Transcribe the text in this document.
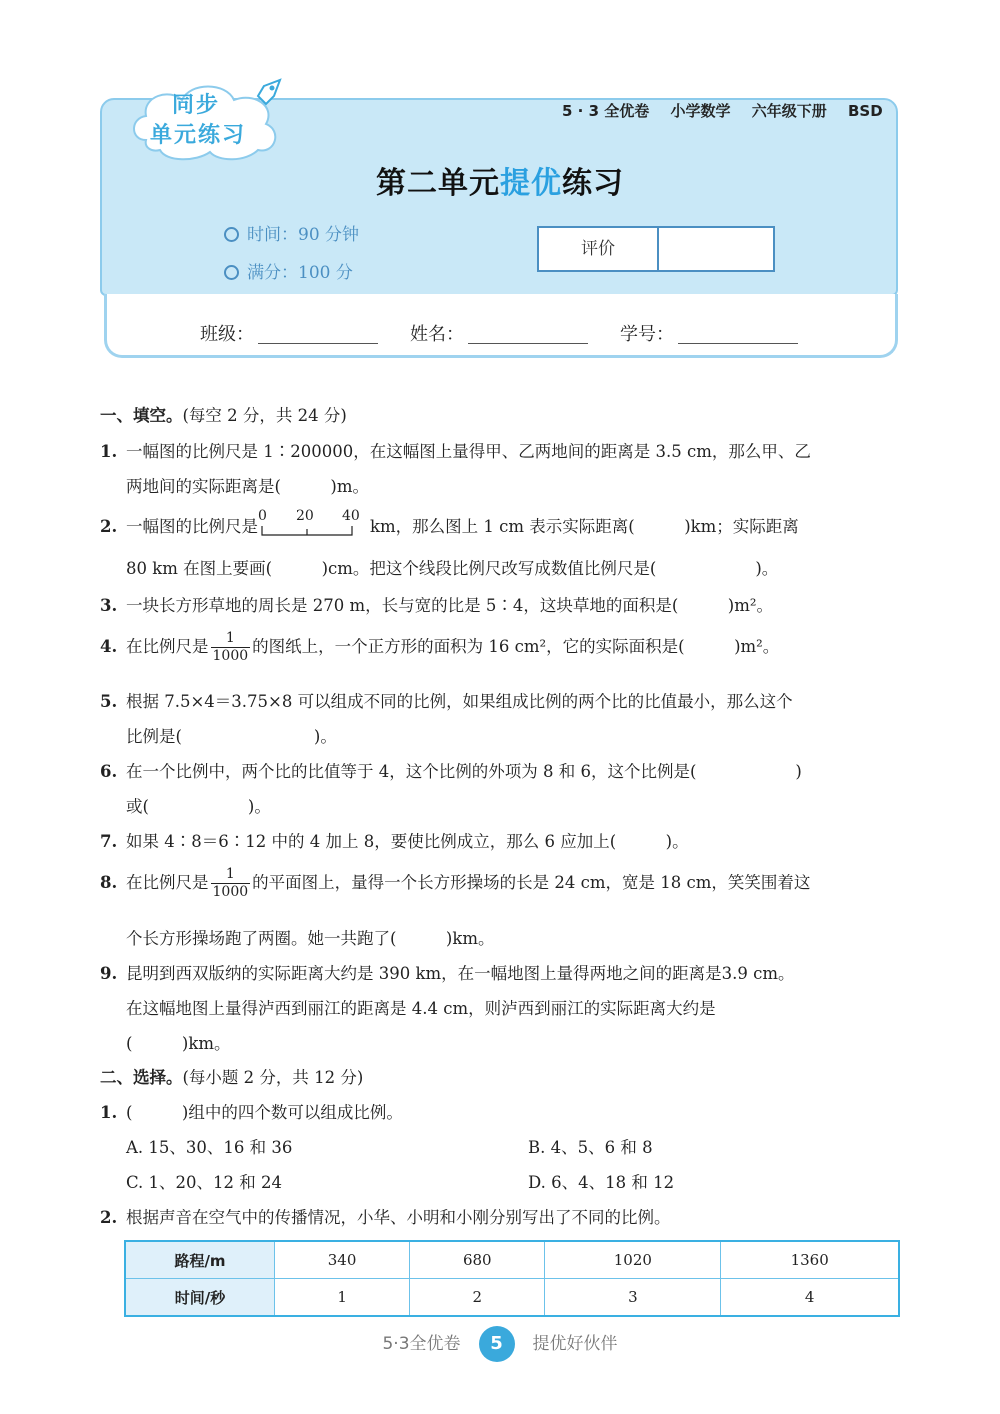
同步
单元练习
5 · 3 全优卷 小学数学 六年级下册 BSD
第二单元提优练习
时间：90 分钟
满分：100 分
评价
班级：	姓名：	学号：
一、填空。(每空 2 分，共 24 分)
1. 一幅图的比例尺是 1∶200000，在这幅图上量得甲、乙两地间的距离是 3.5 cm，那么甲、乙
两地间的实际距离是(　　　)m。
2. 一幅图的比例尺是
0 20 40
km，那么图上 1 cm 表示实际距离(　　　)km；实际距离
80 km 在图上要画(　　　)cm。把这个线段比例尺改写成数值比例尺是(　　　　　　)。
3. 一块长方形草地的周长是 270 m，长与宽的比是 5∶4，这块草地的面积是(　　　)m²。
4. 在比例尺是 $\frac{1}{1000}$ 的图纸上，一个正方形的面积为 16 cm²，它的实际面积是(　　　)m²。
5. 根据 7.5×4＝3.75×8 可以组成不同的比例，如果组成比例的两个比的比值最小，那么这个
比例是(　　　　　　　　)。
6. 在一个比例中，两个比的比值等于 4，这个比例的外项为 8 和 6，这个比例是(　　　　　　)
或(　　　　　　)。
7. 如果 4∶8＝6∶12 中的 4 加上 8，要使比例成立，那么 6 应加上(　　　)。
8. 在比例尺是 $\frac{1}{1000}$ 的平面图上，量得一个长方形操场的长是 24 cm，宽是 18 cm，笑笑围着这
个长方形操场跑了两圈。她一共跑了(　　　)km。
9. 昆明到西双版纳的实际距离大约是 390 km，在一幅地图上量得两地之间的距离是3.9 cm。
在这幅地图上量得泸西到丽江的距离是 4.4 cm，则泸西到丽江的实际距离大约是
(　　　)km。
二、选择。(每小题 2 分，共 12 分)
1. (　　　)组中的四个数可以组成比例。
A. 15、30、16 和 36	B. 4、5、6 和 8
C. 1、20、12 和 24	D. 6、4、18 和 12
2. 根据声音在空气中的传播情况，小华、小明和小刚分别写出了不同的比例。
路程/m	340	680	1020	1360
时间/秒	1	2	3	4
5·3全优卷 5 提优好伙伴
